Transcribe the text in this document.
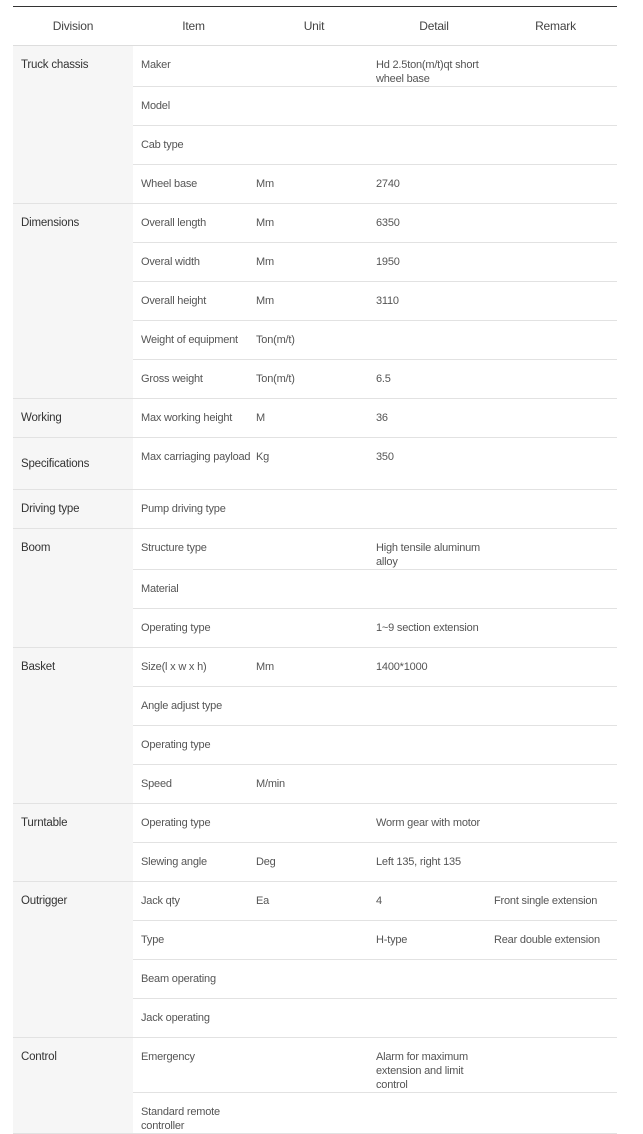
Division	Item	Unit	Detail	Remark
Truck chassis	Maker		Hd 2.5ton(m/t)qt short wheel base	
	Model			
	Cab type			
	Wheel base	Mm	2740	
Dimensions	Overall length	Mm	6350	
	Overal width	Mm	1950	
	Overall height	Mm	3110	
	Weight of equipment	Ton(m/t)		
	Gross weight	Ton(m/t)	6.5	
Working	Max working height	M	36	
Specifications	Max carriaging payload	Kg	350	
Driving type	Pump driving type			
Boom	Structure type		High tensile aluminum alloy	
	Material			
	Operating type		1~9 section extension	
Basket	Size(l x w x h)	Mm	1400*1000	
	Angle adjust type			
	Operating type			
	Speed	M/min		
Turntable	Operating type		Worm gear with motor	
	Slewing angle	Deg	Left 135, right 135	
Outrigger	Jack qty	Ea	4	Front single extension
	Type		H-type	Rear double extension
	Beam operating			
	Jack operating			
Control	Emergency		Alarm for maximum extension and limit control	
	Standard remote controller			
